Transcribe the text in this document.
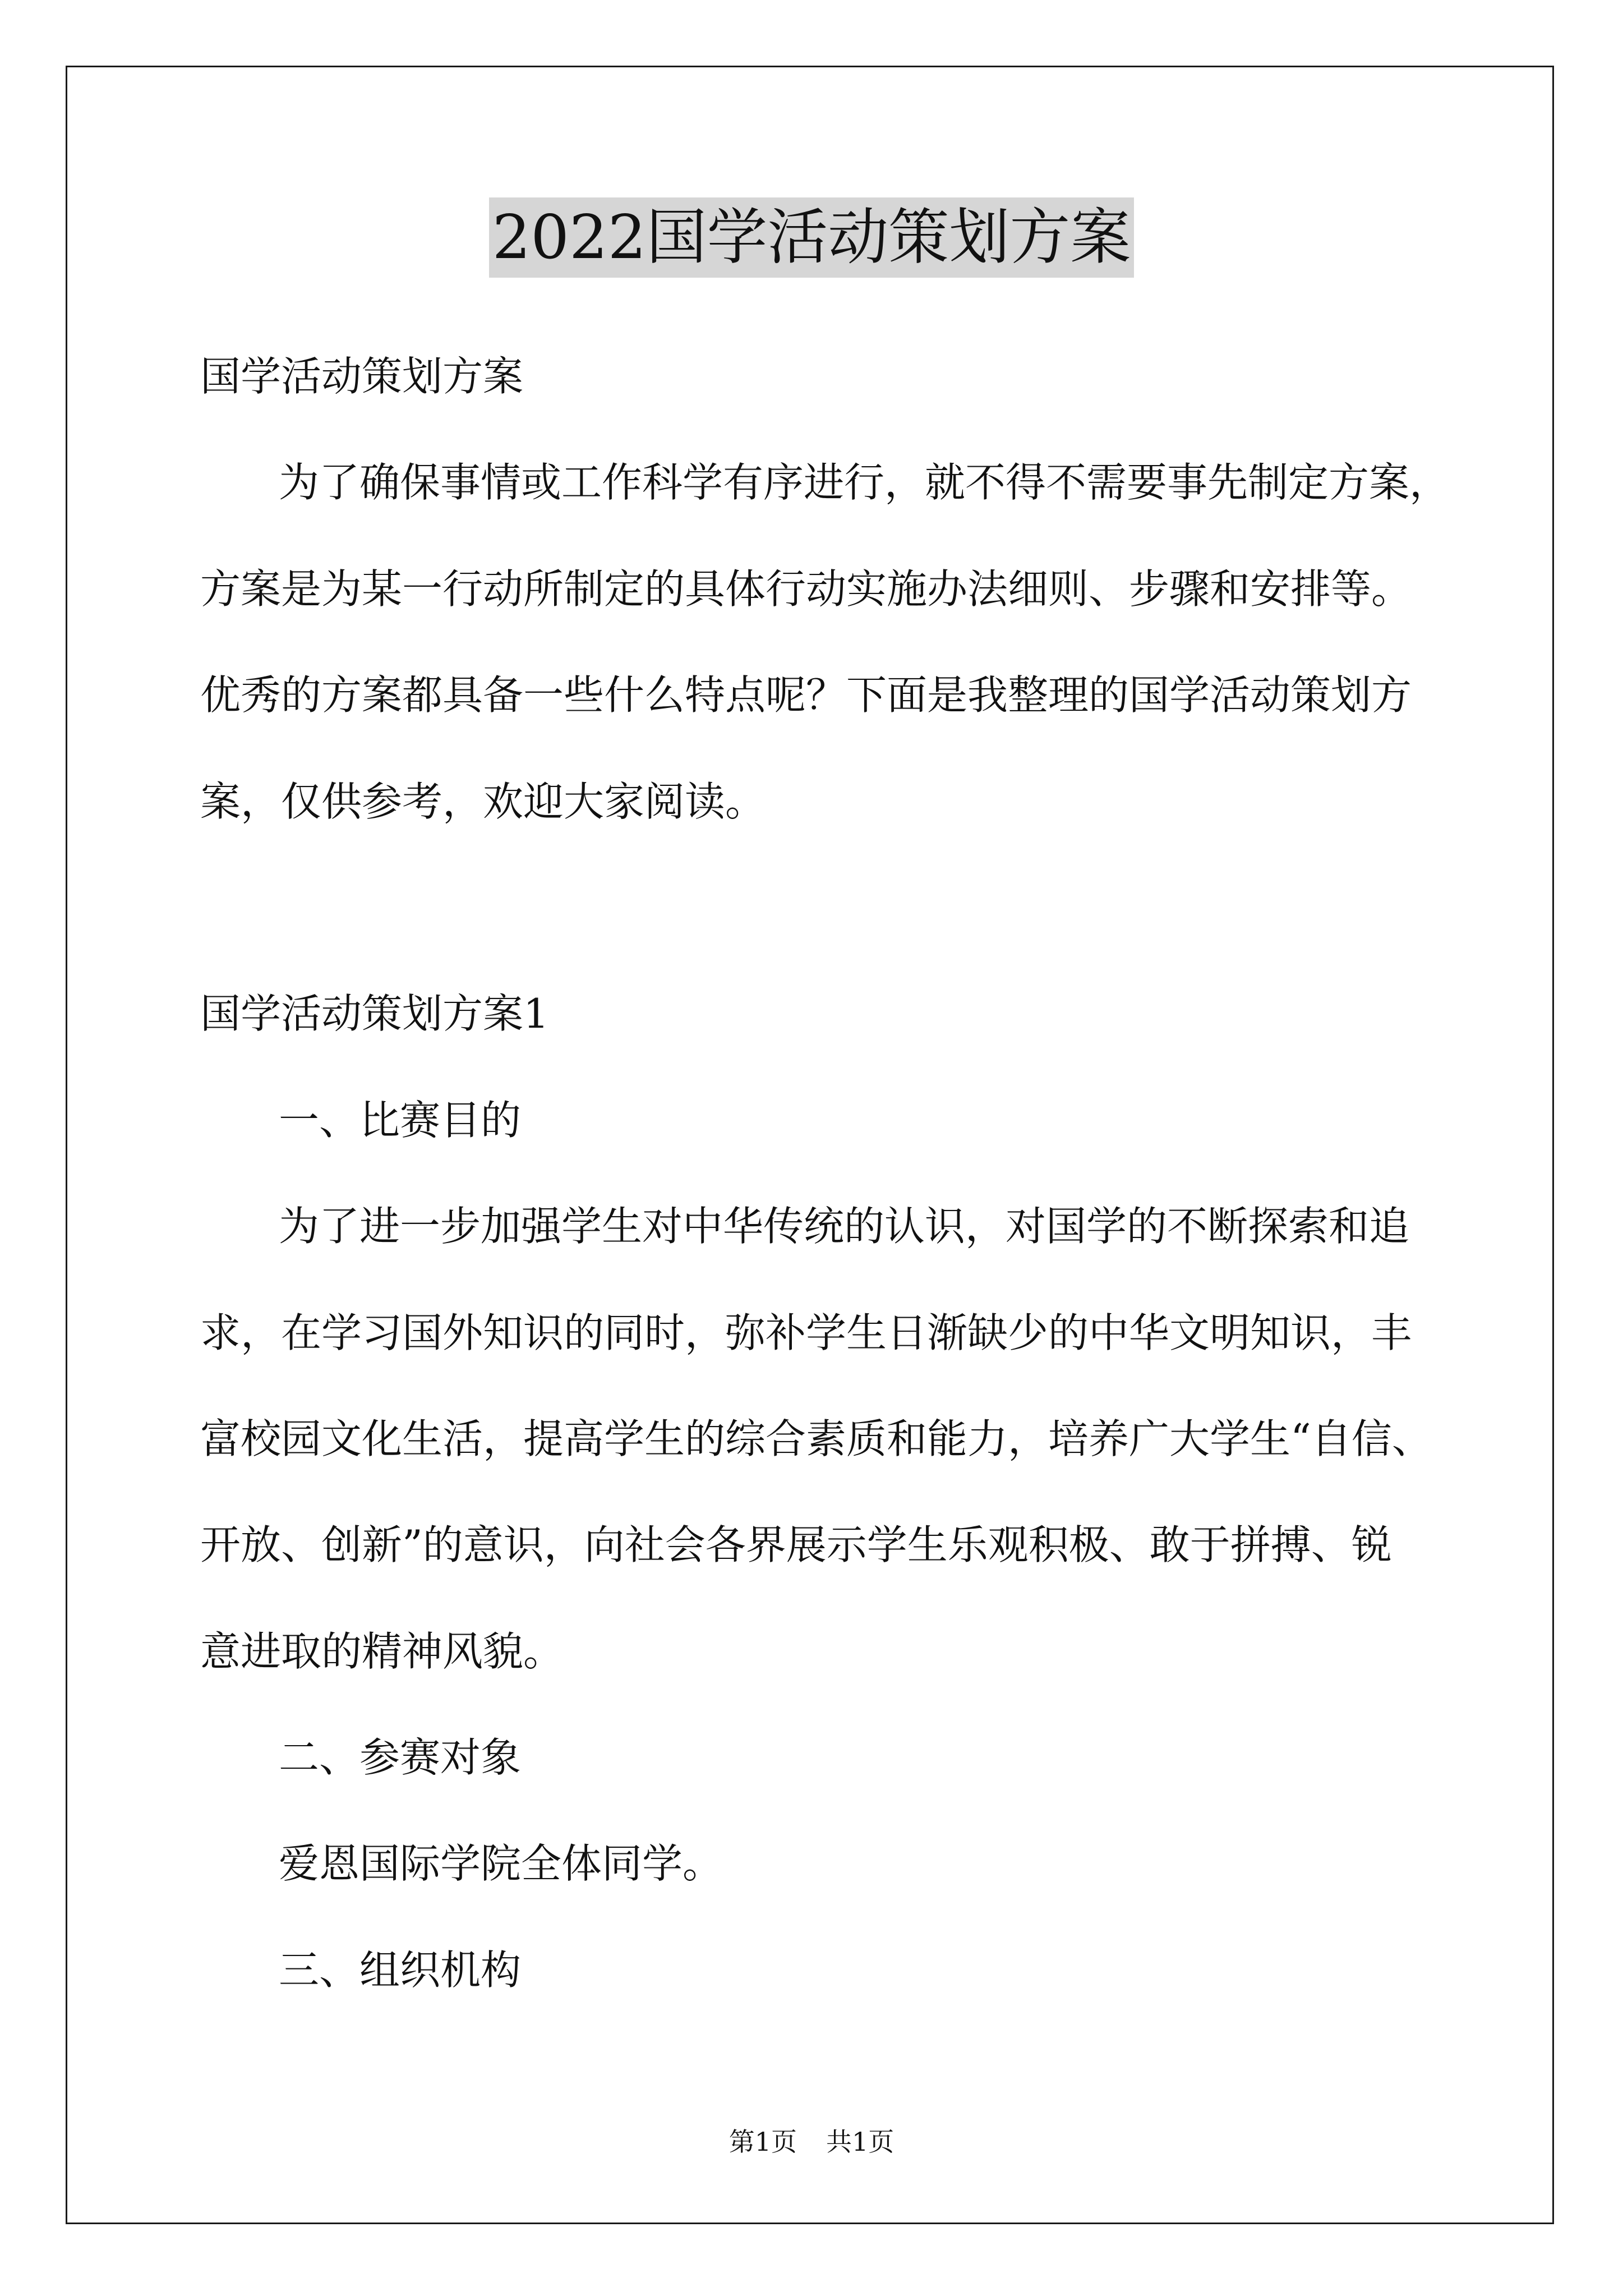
2022国学活动策划方案
国学活动策划方案
为了确保事情或工作科学有序进行，就不得不需要事先制定方案，
方案是为某一行动所制定的具体行动实施办法细则、步骤和安排等。
优秀的方案都具备一些什么特点呢？下面是我整理的国学活动策划方
案，仅供参考，欢迎大家阅读。
国学活动策划方案1
一、比赛目的
为了进一步加强学生对中华传统的认识，对国学的不断探索和追
求，在学习国外知识的同时，弥补学生日渐缺少的中华文明知识，丰
富校园文化生活，提高学生的综合素质和能力，培养广大学生“自信、
开放、创新”的意识，向社会各界展示学生乐观积极、敢于拼搏、锐
意进取的精神风貌。
二、参赛对象
爱恩国际学院全体同学。
三、组织机构
第1页 共1页
